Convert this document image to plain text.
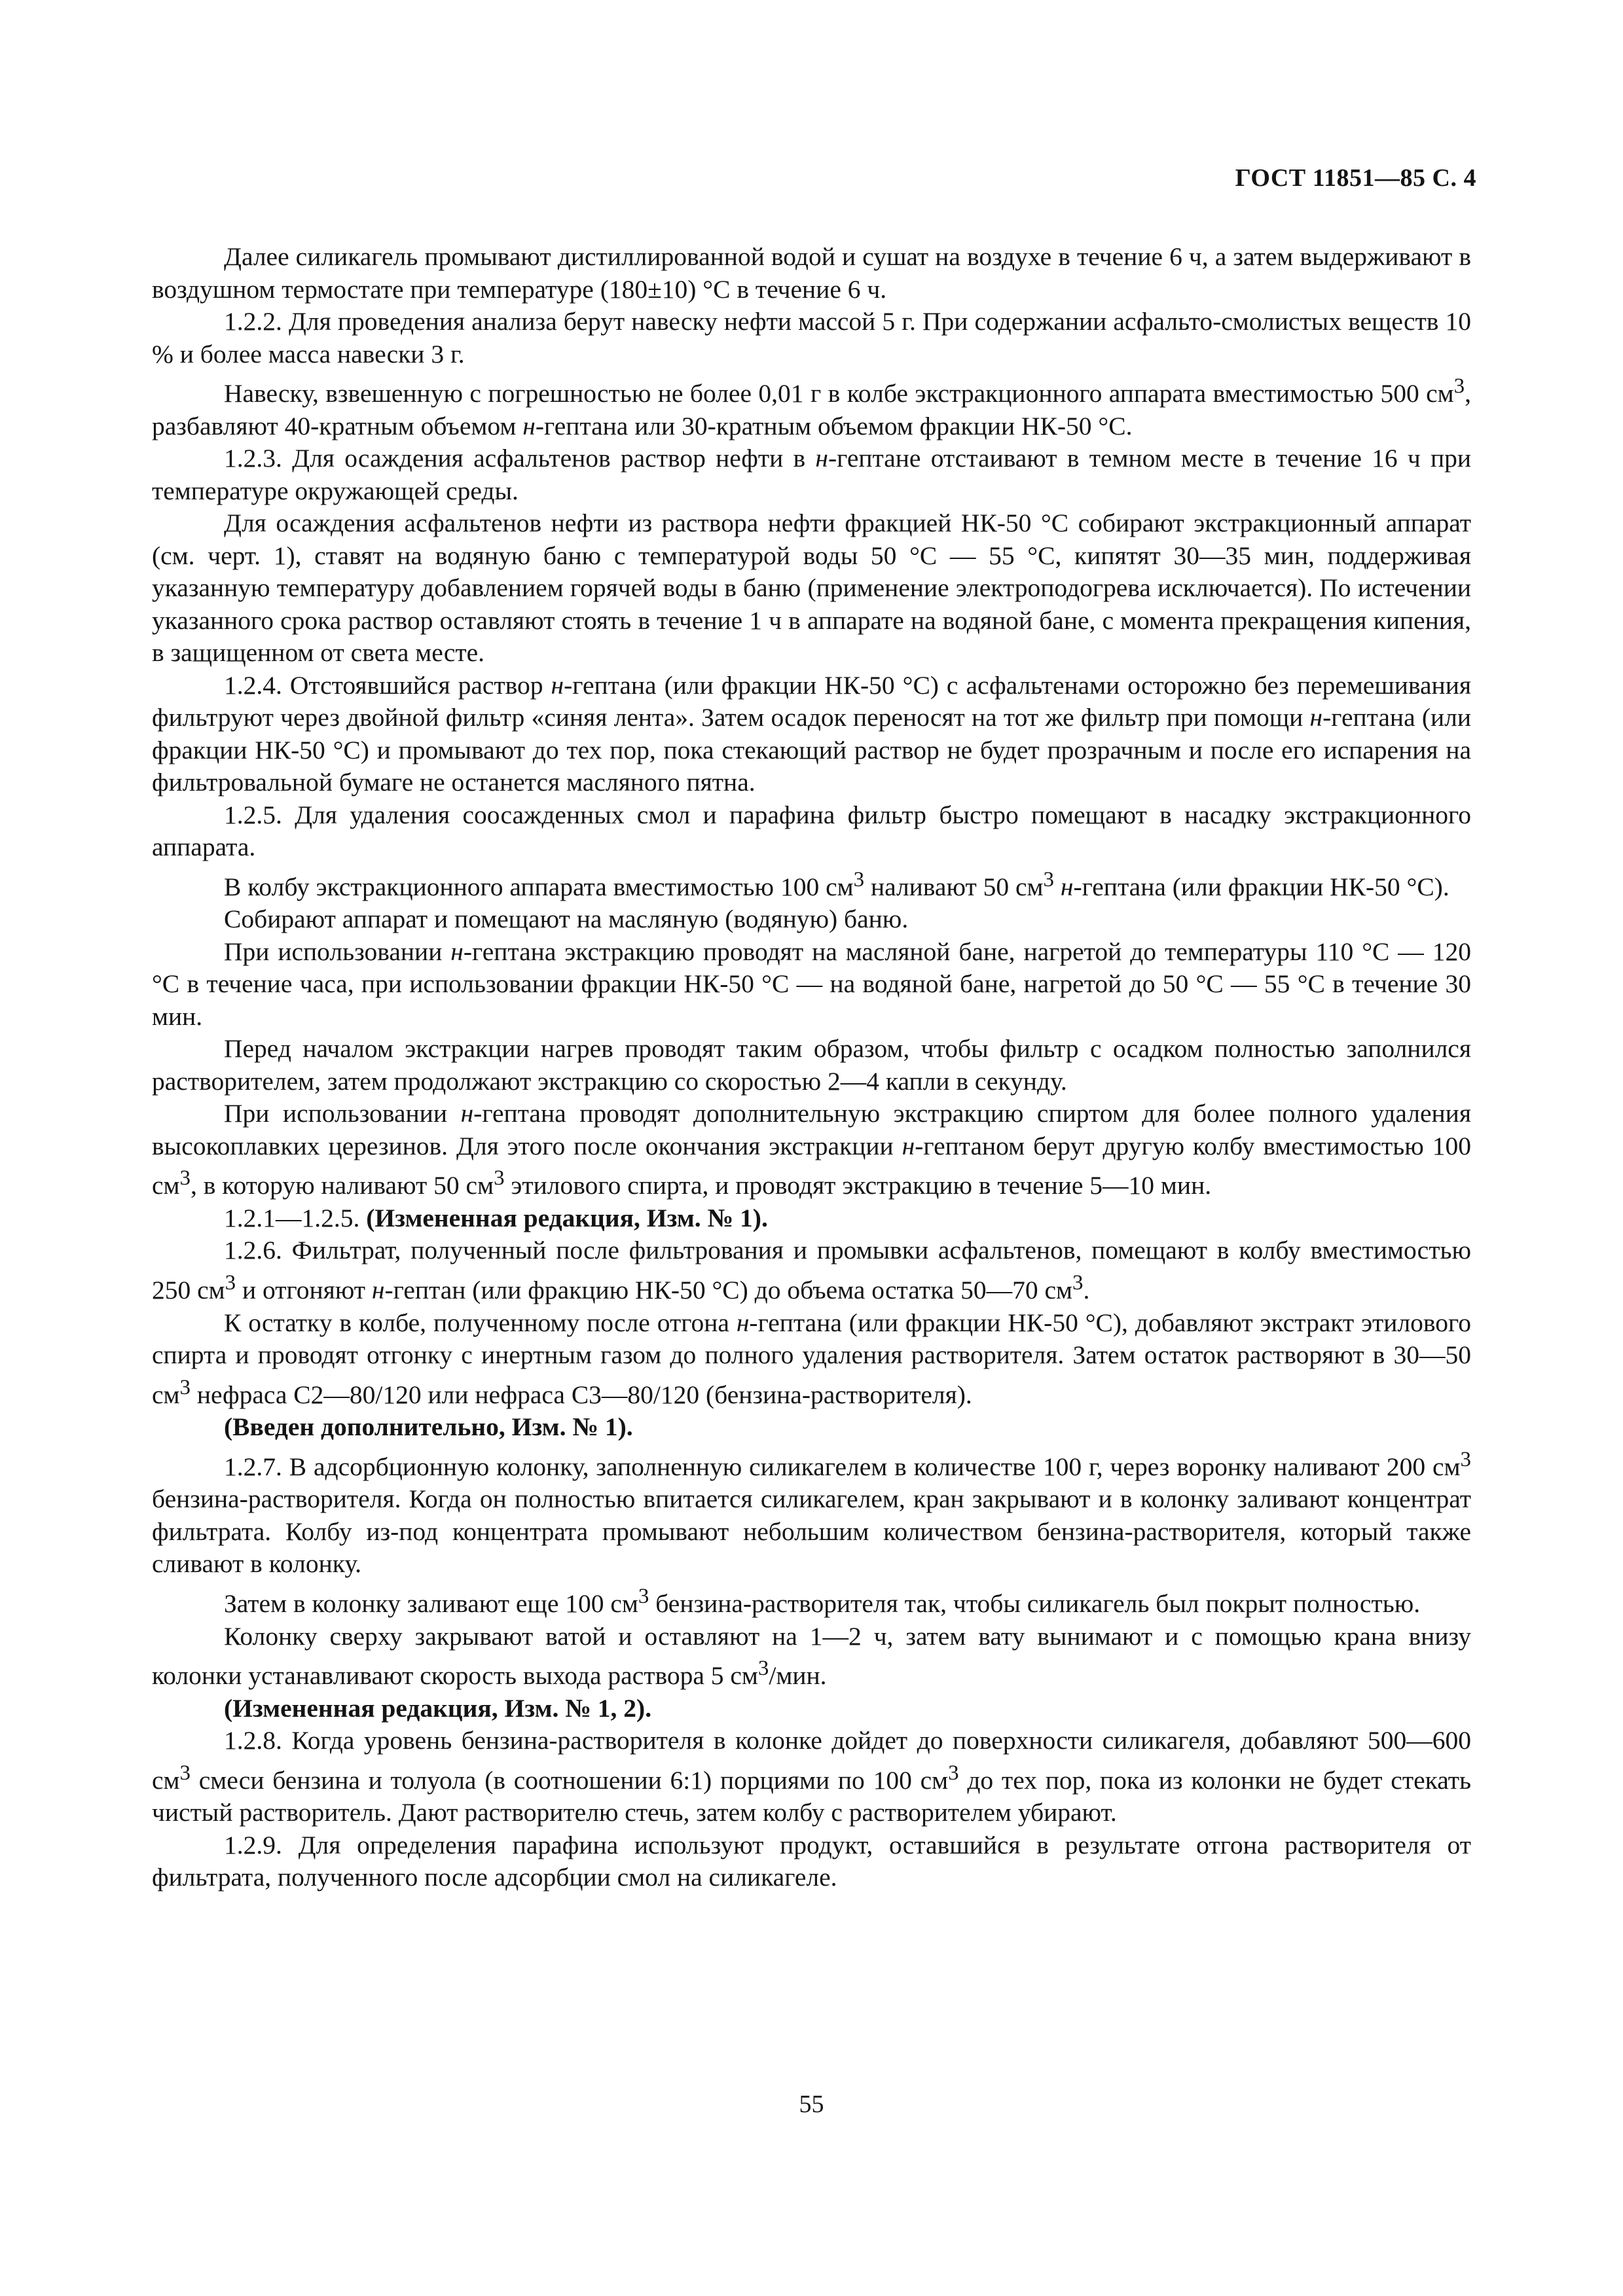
ГОСТ 11851—85 С. 4

Далее силикагель промывают дистиллированной водой и сушат на воздухе в течение 6 ч, а затем выдерживают в воздушном термостате при температуре (180±10) °С в течение 6 ч.

1.2.2. Для проведения анализа берут навеску нефти массой 5 г. При содержании асфальто-смолистых веществ 10 % и более масса навески 3 г.

Навеску, взвешенную с погрешностью не более 0,01 г в колбе экстракционного аппарата вместимостью 500 $см^3$, разбавляют 40-кратным объемом н-гептана или 30-кратным объемом фракции НК-50 °С.

1.2.3. Для осаждения асфальтенов раствор нефти в н-гептане отстаивают в темном месте в течение 16 ч при температуре окружающей среды.

Для осаждения асфальтенов нефти из раствора нефти фракцией НК-50 °С собирают экстракционный аппарат (см. черт. 1), ставят на водяную баню с температурой воды 50 °С — 55 °С, кипятят 30—35 мин, поддерживая указанную температуру добавлением горячей воды в баню (применение электроподогрева исключается). По истечении указанного срока раствор оставляют стоять в течение 1 ч в аппарате на водяной бане, с момента прекращения кипения, в защищенном от света месте.

1.2.4. Отстоявшийся раствор н-гептана (или фракции НК-50 °С) с асфальтенами осторожно без перемешивания фильтруют через двойной фильтр «синяя лента». Затем осадок переносят на тот же фильтр при помощи н-гептана (или фракции НК-50 °С) и промывают до тех пор, пока стекающий раствор не будет прозрачным и после его испарения на фильтровальной бумаге не останется масляного пятна.

1.2.5. Для удаления соосажденных смол и парафина фильтр быстро помещают в насадку экстракционного аппарата.

В колбу экстракционного аппарата вместимостью 100 $см^3$ наливают 50 $см^3$ н-гептана (или фракции НК-50 °С).

Собирают аппарат и помещают на масляную (водяную) баню.

При использовании н-гептана экстракцию проводят на масляной бане, нагретой до температуры 110 °С — 120 °С в течение часа, при использовании фракции НК-50 °С — на водяной бане, нагретой до 50 °С — 55 °С в течение 30 мин.

Перед началом экстракции нагрев проводят таким образом, чтобы фильтр с осадком полностью заполнился растворителем, затем продолжают экстракцию со скоростью 2—4 капли в секунду.

При использовании н-гептана проводят дополнительную экстракцию спиртом для более полного удаления высокоплавких церезинов. Для этого после окончания экстракции н-гептаном берут другую колбу вместимостью 100 $см^3$, в которую наливают 50 $см^3$ этилового спирта, и проводят экстракцию в течение 5—10 мин.

1.2.1—1.2.5. (Измененная редакция, Изм. № 1).

1.2.6. Фильтрат, полученный после фильтрования и промывки асфальтенов, помещают в колбу вместимостью 250 $см^3$ и отгоняют н-гептан (или фракцию НК-50 °С) до объема остатка 50—70 $см^3$.

К остатку в колбе, полученному после отгона н-гептана (или фракции НК-50 °С), добавляют экстракт этилового спирта и проводят отгонку с инертным газом до полного удаления растворителя. Затем остаток растворяют в 30—50 $см^3$ нефраса С2—80/120 или нефраса С3—80/120 (бензина-растворителя).

(Введен дополнительно, Изм. № 1).

1.2.7. В адсорбционную колонку, заполненную силикагелем в количестве 100 г, через воронку наливают 200 $см^3$ бензина-растворителя. Когда он полностью впитается силикагелем, кран закрывают и в колонку заливают концентрат фильтрата. Колбу из-под концентрата промывают небольшим количеством бензина-растворителя, который также сливают в колонку.

Затем в колонку заливают еще 100 $см^3$ бензина-растворителя так, чтобы силикагель был покрыт полностью.

Колонку сверху закрывают ватой и оставляют на 1—2 ч, затем вату вынимают и с помощью крана внизу колонки устанавливают скорость выхода раствора 5 $см^3$/мин.

(Измененная редакция, Изм. № 1, 2).

1.2.8. Когда уровень бензина-растворителя в колонке дойдет до поверхности силикагеля, добавляют 500—600 $см^3$ смеси бензина и толуола (в соотношении 6:1) порциями по 100 $см^3$ до тех пор, пока из колонки не будет стекать чистый растворитель. Дают растворителю стечь, затем колбу с растворителем убирают.

1.2.9. Для определения парафина используют продукт, оставшийся в результате отгона растворителя от фильтрата, полученного после адсорбции смол на силикагеле.

55
